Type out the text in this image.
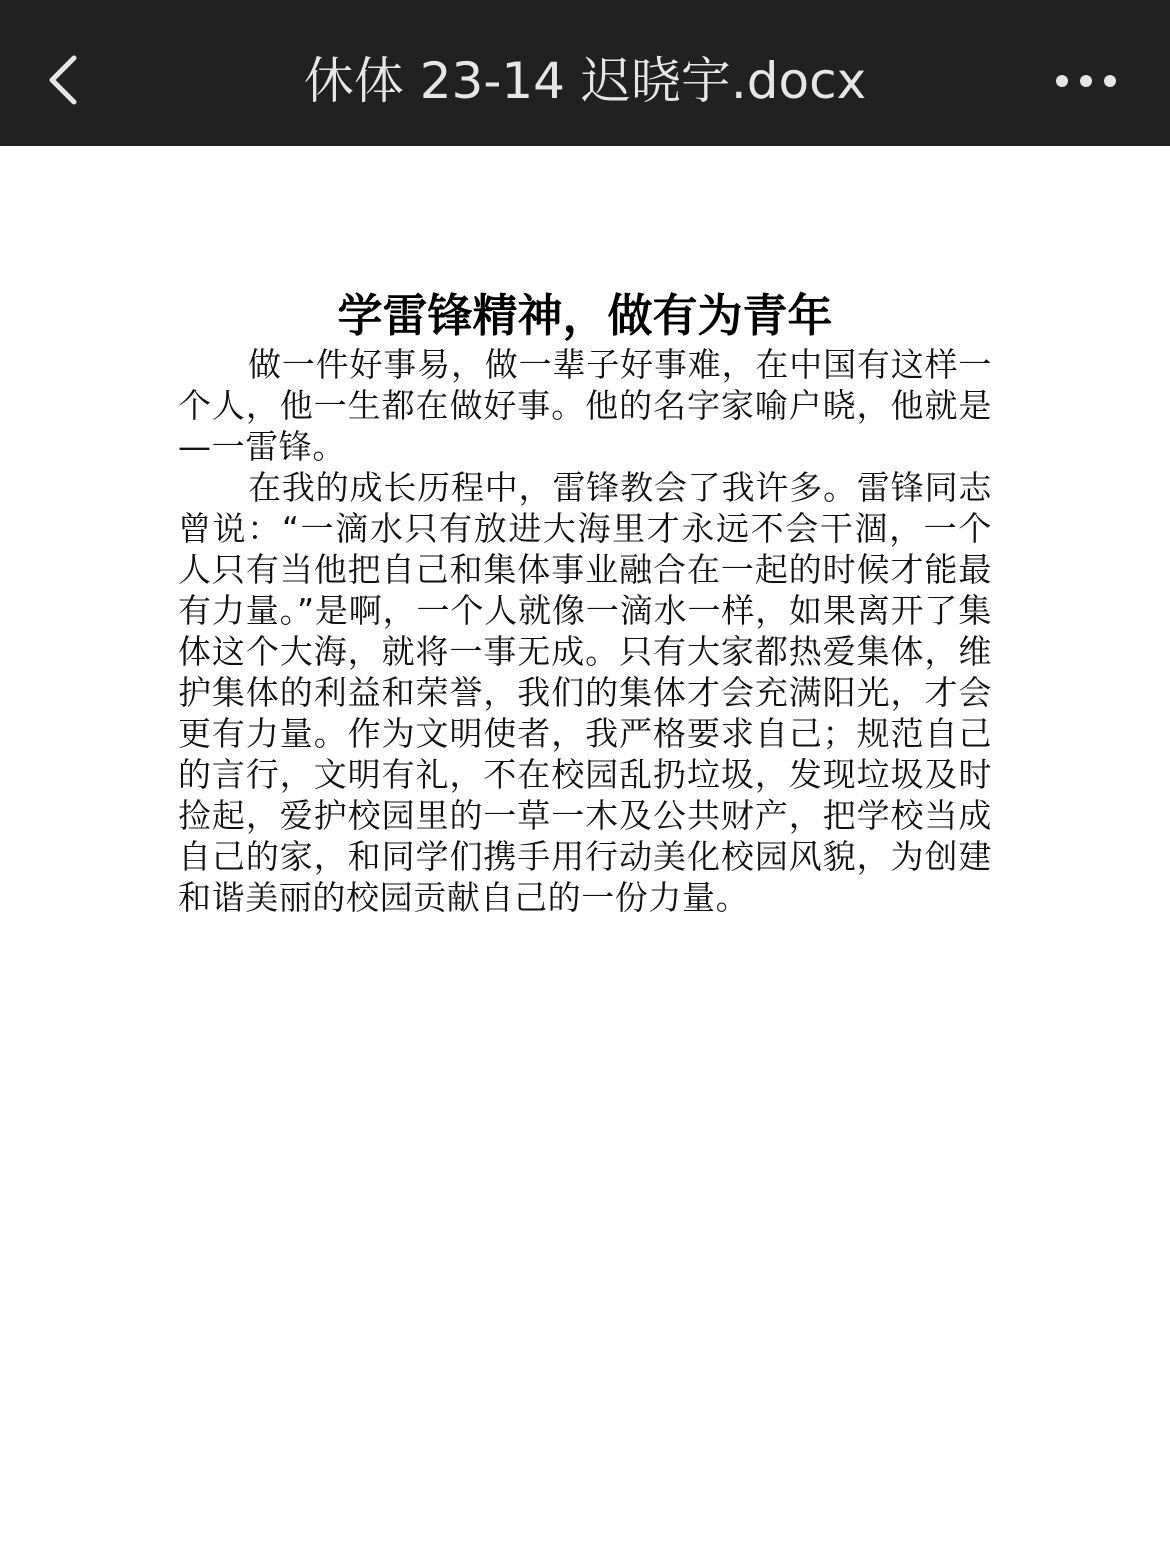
休体 23-14 迟晓宇.docx
学雷锋精神，做有为青年

做一件好事易，做一辈子好事难，在中国有这样一个人，他一生都在做好事。他的名字家喻户晓，他就是—一雷锋。

在我的成长历程中，雷锋教会了我许多。雷锋同志曾说：“一滴水只有放进大海里才永远不会干涸，一个人只有当他把自己和集体事业融合在一起的时候才能最有力量。”是啊，一个人就像一滴水一样，如果离开了集体这个大海，就将一事无成。只有大家都热爱集体，维护集体的利益和荣誉，我们的集体才会充满阳光，才会更有力量。作为文明使者，我严格要求自己；规范自己的言行，文明有礼，不在校园乱扔垃圾，发现垃圾及时捡起，爱护校园里的一草一木及公共财产，把学校当成自己的家，和同学们携手用行动美化校园风貌，为创建和谐美丽的校园贡献自己的一份力量。
